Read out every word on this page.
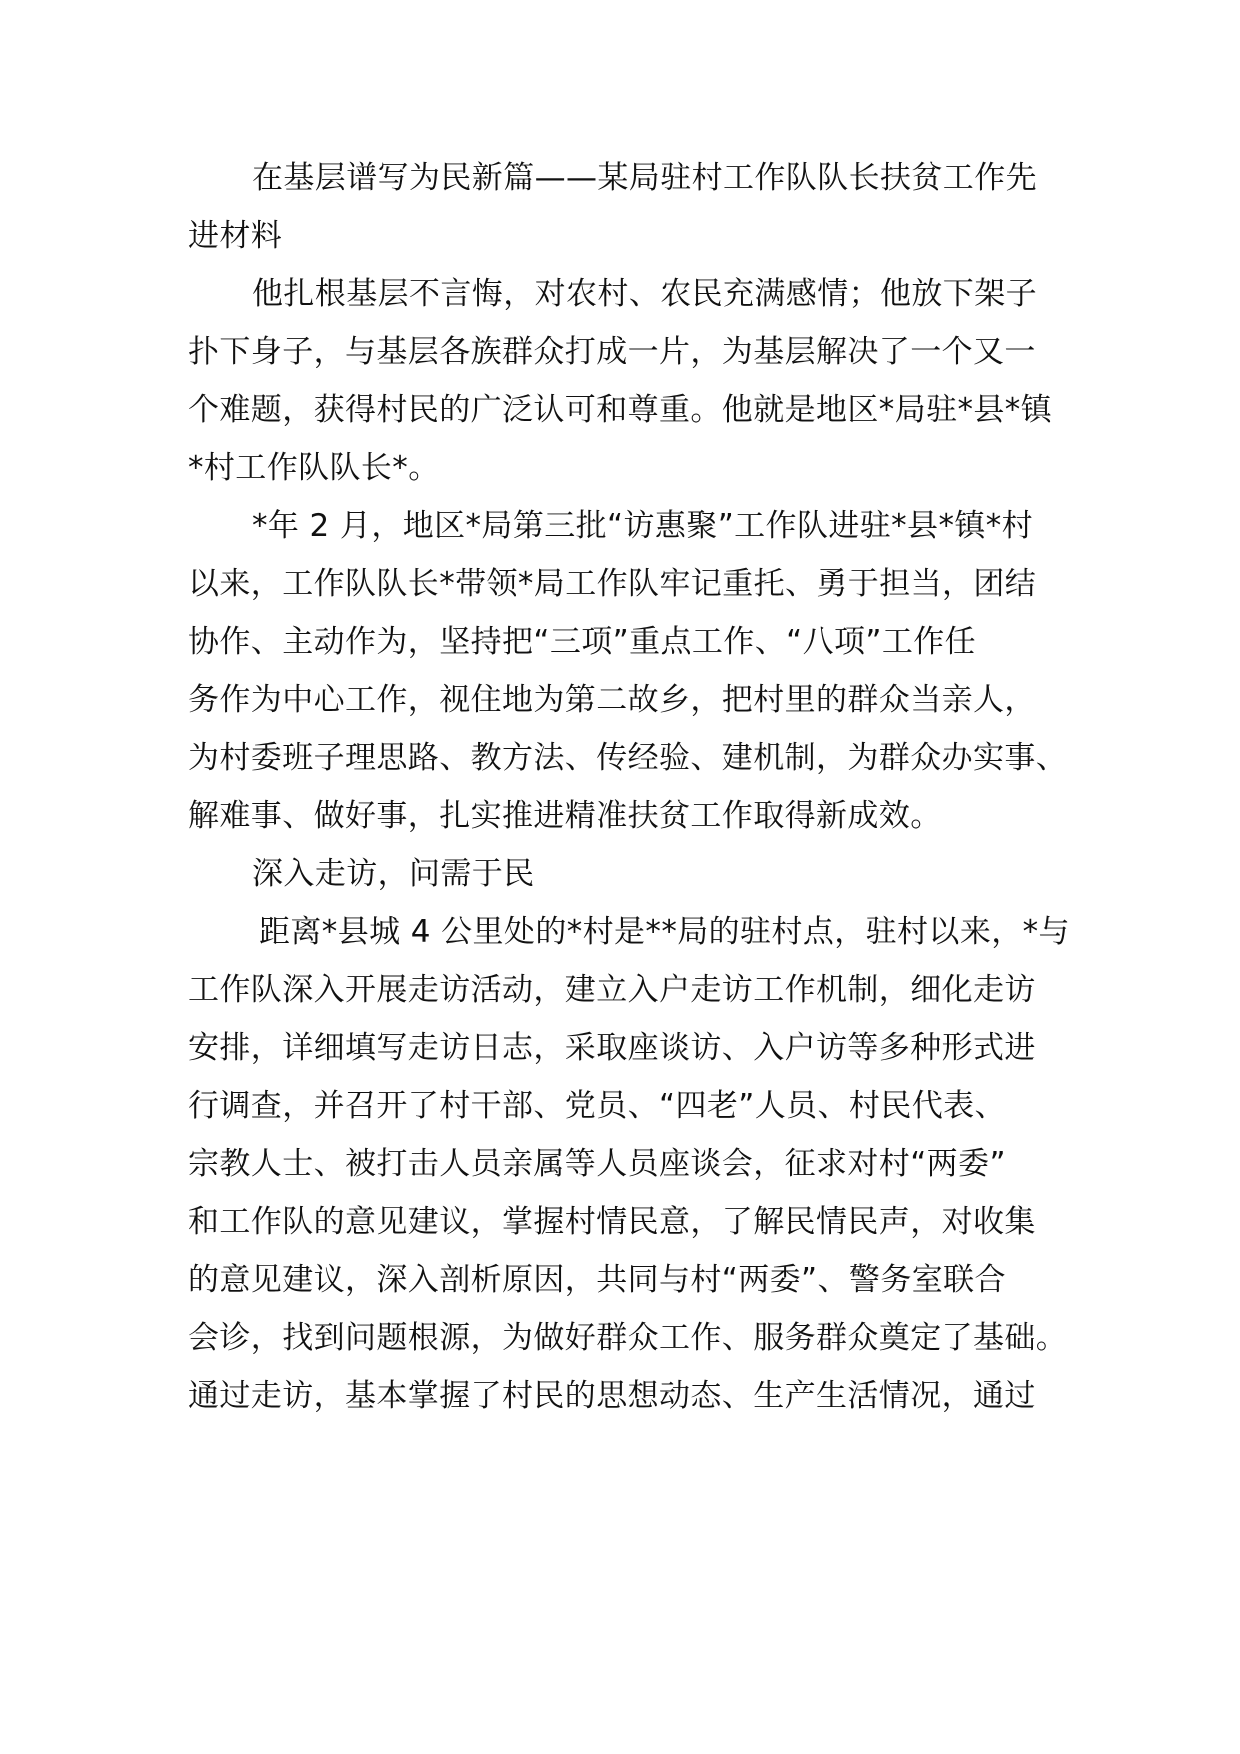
在基层谱写为民新篇——某局驻村工作队队长扶贫工作先
进材料
他扎根基层不言悔，对农村、农民充满感情；他放下架子
扑下身子，与基层各族群众打成一片，为基层解决了一个又一
个难题，获得村民的广泛认可和尊重。他就是地区*局驻*县*镇
*村工作队队长*。
*年 2 月，地区*局第三批“访惠聚”工作队进驻*县*镇*村
以来，工作队队长*带领*局工作队牢记重托、勇于担当，团结
协作、主动作为，坚持把“三项”重点工作、“八项”工作任
务作为中心工作，视住地为第二故乡，把村里的群众当亲人，
为村委班子理思路、教方法、传经验、建机制，为群众办实事、
解难事、做好事，扎实推进精准扶贫工作取得新成效。
深入走访，问需于民
距离*县城 4 公里处的*村是**局的驻村点，驻村以来，*与
工作队深入开展走访活动，建立入户走访工作机制，细化走访
安排，详细填写走访日志，采取座谈访、入户访等多种形式进
行调查，并召开了村干部、党员、“四老”人员、村民代表、
宗教人士、被打击人员亲属等人员座谈会，征求对村“两委”
和工作队的意见建议，掌握村情民意，了解民情民声，对收集
的意见建议，深入剖析原因，共同与村“两委”、警务室联合
会诊，找到问题根源，为做好群众工作、服务群众奠定了基础。
通过走访，基本掌握了村民的思想动态、生产生活情况，通过
